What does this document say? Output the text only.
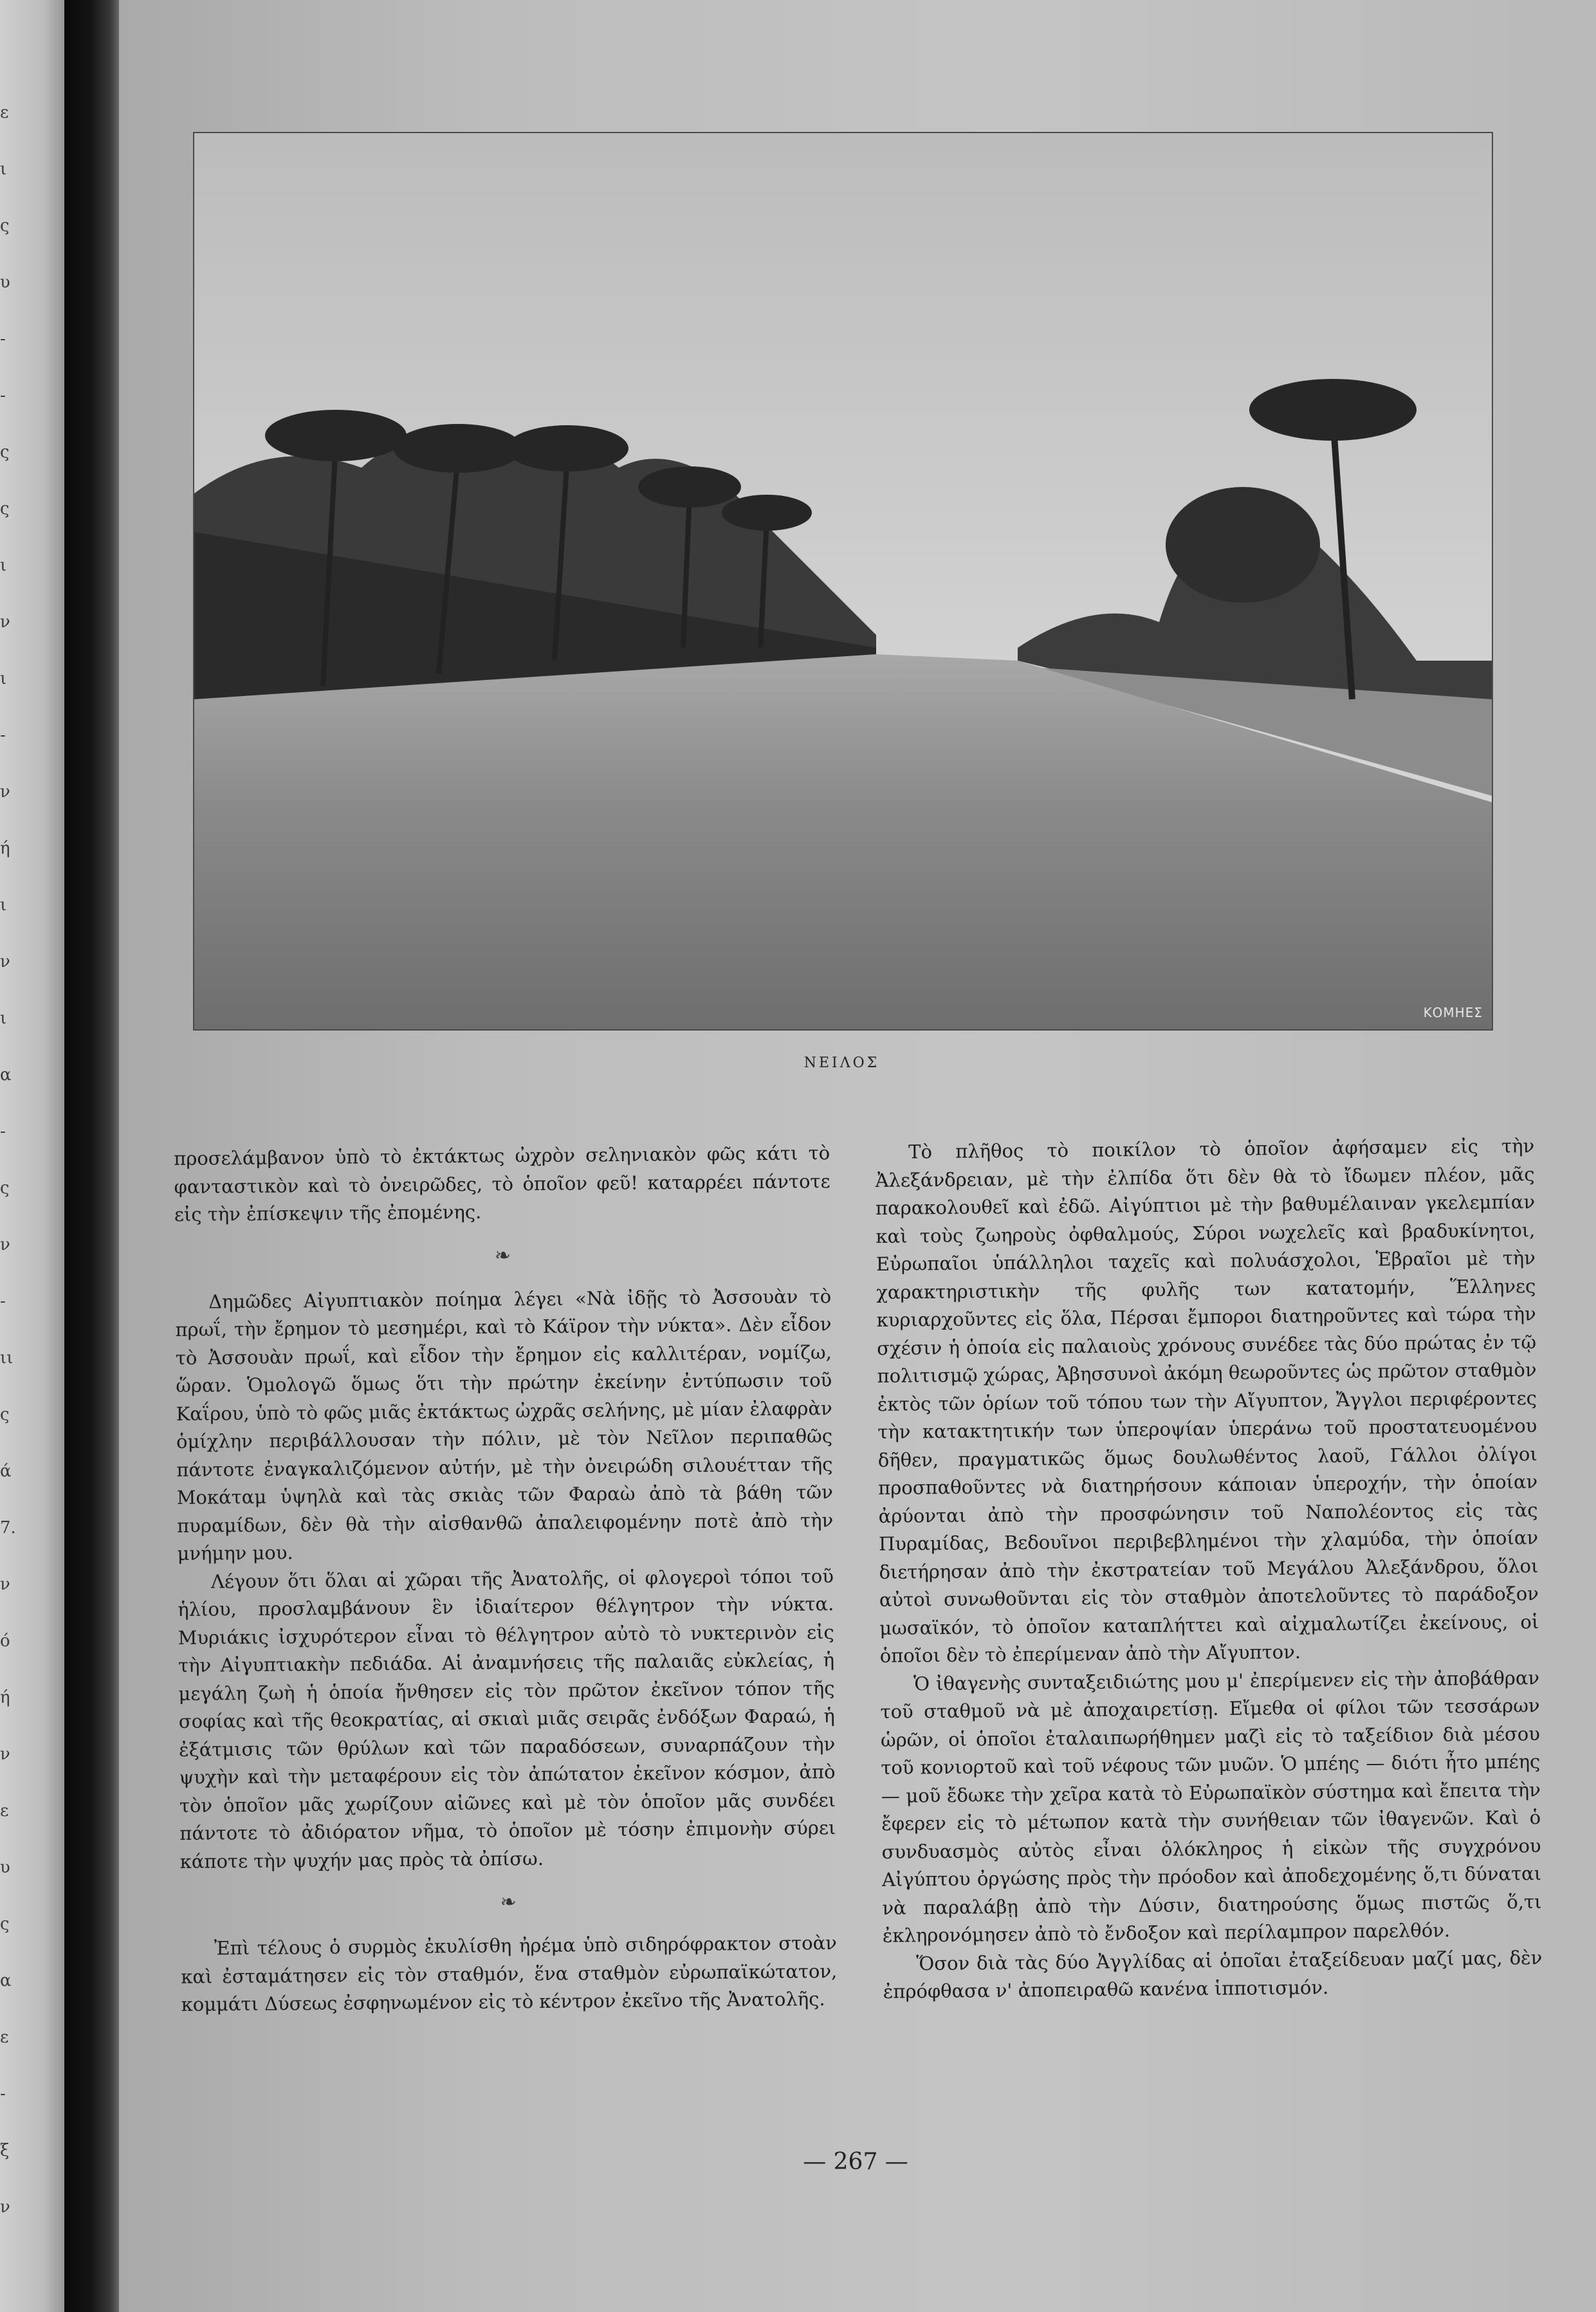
ε
ι
ς
υ
-
-
ς
ς
ι
ν
ι
-
ν
ή
ι
ν
ι
α
-
ς
ν
-
ιι
ς
ά
7.
ν
ό
ή
ν
ε
υ
ς
α
ε
-
ξ
ν
ΚΟΜΗΕΣ
ΝΕΙΛΟΣ

προσελάμβανον ὑπὸ τὸ ἐκτάκτως ὠχρὸν σεληνιακὸν φῶς κάτι τὸ φανταστικὸν καὶ τὸ ὀνειρῶδες, τὸ ὁποῖον φεῦ! καταρρέει πάντοτε εἰς τὴν ἐπίσκεψιν τῆς ἐπομένης.

❧

Δημῶδες Αἰγυπτιακὸν ποίημα λέγει «Νὰ ἰδῇς τὸ Ἀσσουὰν τὸ πρωΐ, τὴν ἔρημον τὸ μεσημέρι, καὶ τὸ Κάϊρον τὴν νύκτα». Δὲν εἶδον τὸ Ἀσσουὰν πρωΐ, καὶ εἶδον τὴν ἔρημον εἰς καλλιτέραν, νομίζω, ὥραν. Ὁμολογῶ ὅμως ὅτι τὴν πρώτην ἐκείνην ἐντύπωσιν τοῦ Καΐρου, ὑπὸ τὸ φῶς μιᾶς ἐκτάκτως ὠχρᾶς σελήνης, μὲ μίαν ἐλαφρὰν ὁμίχλην περιβάλλουσαν τὴν πόλιν, μὲ τὸν Νεῖλον περιπαθῶς πάντοτε ἐναγκαλιζόμενον αὐτήν, μὲ τὴν ὀνειρώδη σιλουέτταν τῆς Μοκάταμ ὑψηλὰ καὶ τὰς σκιὰς τῶν Φαραὼ ἀπὸ τὰ βάθη τῶν πυραμίδων, δὲν θὰ τὴν αἰσθανθῶ ἀπαλειφομένην ποτὲ ἀπὸ τὴν μνήμην μου.

Λέγουν ὅτι ὅλαι αἱ χῶραι τῆς Ἀνατολῆς, οἱ φλογεροὶ τόποι τοῦ ἡλίου, προσλαμβάνουν ἓν ἰδιαίτερον θέλγητρον τὴν νύκτα. Μυριάκις ἰσχυρότερον εἶναι τὸ θέλγητρον αὐτὸ τὸ νυκτερινὸν εἰς τὴν Αἰγυπτιακὴν πεδιάδα. Αἱ ἀναμνήσεις τῆς παλαιᾶς εὐκλείας, ἡ μεγάλη ζωὴ ἡ ὁποία ἤνθησεν εἰς τὸν πρῶτον ἐκεῖνον τόπον τῆς σοφίας καὶ τῆς θεοκρατίας, αἱ σκιαὶ μιᾶς σειρᾶς ἐνδόξων Φαραώ, ἡ ἐξάτμισις τῶν θρύλων καὶ τῶν παραδόσεων, συναρπάζουν τὴν ψυχὴν καὶ τὴν μεταφέρουν εἰς τὸν ἀπώτατον ἐκεῖνον κόσμον, ἀπὸ τὸν ὁποῖον μᾶς χωρίζουν αἰῶνες καὶ μὲ τὸν ὁποῖον μᾶς συνδέει πάντοτε τὸ ἀδιόρατον νῆμα, τὸ ὁποῖον μὲ τόσην ἐπιμονὴν σύρει κάποτε τὴν ψυχήν μας πρὸς τὰ ὀπίσω.

❧

Ἐπὶ τέλους ὁ συρμὸς ἐκυλίσθη ἠρέμα ὑπὸ σιδηρόφρακτον στοὰν καὶ ἐσταμάτησεν εἰς τὸν σταθμόν, ἕνα σταθμὸν εὐρωπαϊκώτατον, κομμάτι Δύσεως ἐσφηνωμένον εἰς τὸ κέντρον ἐκεῖνο τῆς Ἀνατολῆς.

Τὸ πλῆθος τὸ ποικίλον τὸ ὁποῖον ἀφήσαμεν εἰς τὴν Ἀλεξάνδρειαν, μὲ τὴν ἐλπίδα ὅτι δὲν θὰ τὸ ἴδωμεν πλέον, μᾶς παρακολουθεῖ καὶ ἐδῶ. Αἰγύπτιοι μὲ τὴν βαθυμέλαιναν γκελεμπίαν καὶ τοὺς ζωηροὺς ὀφθαλμούς, Σύροι νωχελεῖς καὶ βραδυκίνητοι, Εὐρωπαῖοι ὑπάλληλοι ταχεῖς καὶ πολυάσχολοι, Ἑβραῖοι μὲ τὴν χαρακτηριστικὴν τῆς φυλῆς των κατατομήν, Ἕλληνες κυριαρχοῦντες εἰς ὅλα, Πέρσαι ἔμποροι διατηροῦντες καὶ τώρα τὴν σχέσιν ἡ ὁποία εἰς παλαιοὺς χρόνους συνέδεε τὰς δύο πρώτας ἐν τῷ πολιτισμῷ χώρας, Ἀβησσυνοὶ ἀκόμη θεωροῦντες ὡς πρῶτον σταθμὸν ἐκτὸς τῶν ὁρίων τοῦ τόπου των τὴν Αἴγυπτον, Ἄγγλοι περιφέροντες τὴν κατακτητικήν των ὑπεροψίαν ὑπεράνω τοῦ προστατευομένου δῆθεν, πραγματικῶς ὅμως δουλωθέντος λαοῦ, Γάλλοι ὀλίγοι προσπαθοῦντες νὰ διατηρήσουν κάποιαν ὑπεροχήν, τὴν ὁποίαν ἀρύονται ἀπὸ τὴν προσφώνησιν τοῦ Ναπολέοντος εἰς τὰς Πυραμίδας, Βεδουῖνοι περιβεβλημένοι τὴν χλαμύδα, τὴν ὁποίαν διετήρησαν ἀπὸ τὴν ἐκστρατείαν τοῦ Μεγάλου Ἀλεξάνδρου, ὅλοι αὐτοὶ συνωθοῦνται εἰς τὸν σταθμὸν ἀποτελοῦντες τὸ παράδοξον μωσαϊκόν, τὸ ὁποῖον καταπλήττει καὶ αἰχμαλωτίζει ἐκείνους, οἱ ὁποῖοι δὲν τὸ ἐπερίμεναν ἀπὸ τὴν Αἴγυπτον.

Ὁ ἰθαγενὴς συνταξειδιώτης μου μ' ἐπερίμενεν εἰς τὴν ἀποβάθραν τοῦ σταθμοῦ νὰ μὲ ἀποχαιρετίσῃ. Εἴμεθα οἱ φίλοι τῶν τεσσάρων ὡρῶν, οἱ ὁποῖοι ἐταλαιπωρήθημεν μαζὶ εἰς τὸ ταξείδιον διὰ μέσου τοῦ κονιορτοῦ καὶ τοῦ νέφους τῶν μυῶν. Ὁ μπέης — διότι ἦτο μπέης — μοῦ ἔδωκε τὴν χεῖρα κατὰ τὸ Εὐρωπαϊκὸν σύστημα καὶ ἔπειτα τὴν ἔφερεν εἰς τὸ μέτωπον κατὰ τὴν συνήθειαν τῶν ἰθαγενῶν. Καὶ ὁ συνδυασμὸς αὐτὸς εἶναι ὁλόκληρος ἡ εἰκὼν τῆς συγχρόνου Αἰγύπτου ὀργώσης πρὸς τὴν πρόοδον καὶ ἀποδεχομένης ὅ,τι δύναται νὰ παραλάβῃ ἀπὸ τὴν Δύσιν, διατηρούσης ὅμως πιστῶς ὅ,τι ἐκληρονόμησεν ἀπὸ τὸ ἔνδοξον καὶ περίλαμπρον παρελθόν.

Ὅσον διὰ τὰς δύο Ἀγγλίδας αἱ ὁποῖαι ἐταξείδευαν μαζί μας, δὲν ἐπρόφθασα ν' ἀποπειραθῶ κανένα ἱπποτισμόν.

— 267 —
